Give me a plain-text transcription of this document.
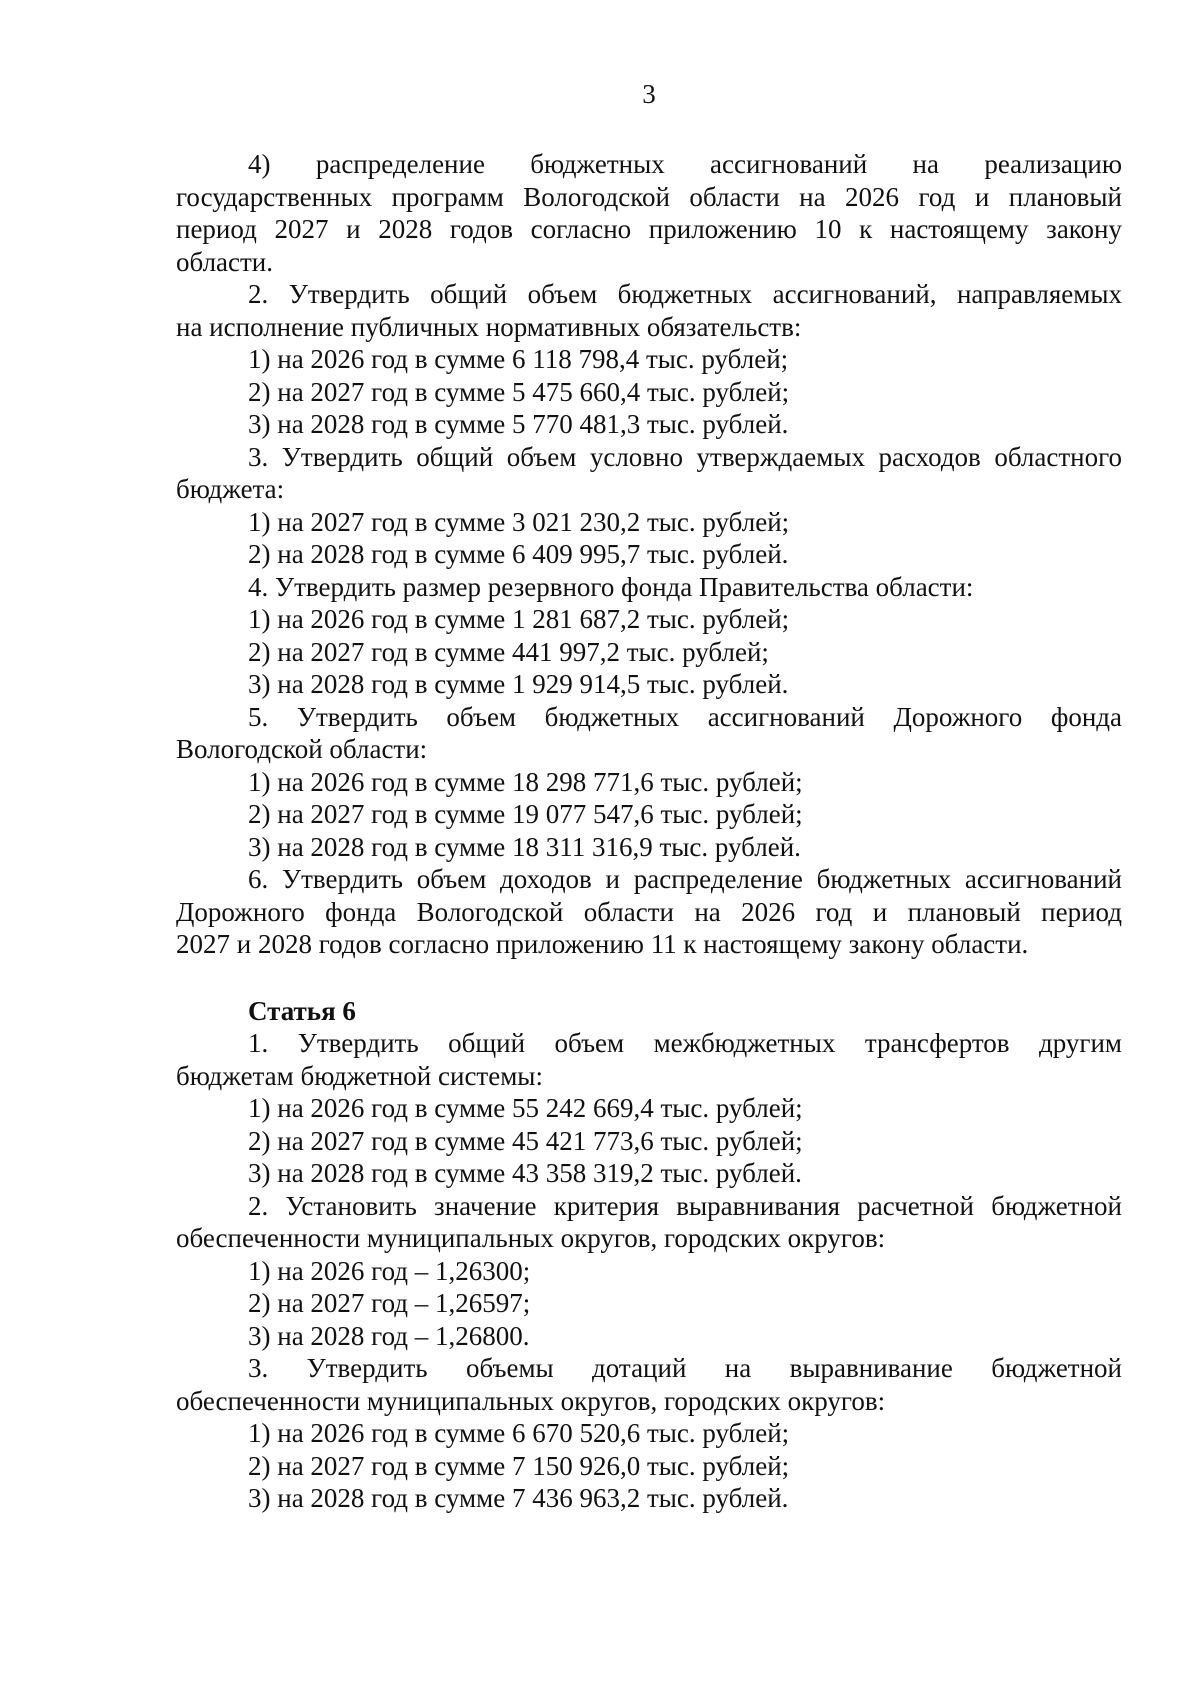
3
4) распределение бюджетных ассигнований на реализацию
государственных программ Вологодской области на 2026 год и плановый
период 2027 и 2028 годов согласно приложению 10 к настоящему закону
области.
2. Утвердить общий объем бюджетных ассигнований, направляемых
на исполнение публичных нормативных обязательств:
1) на 2026 год в сумме 6 118 798,4 тыс. рублей;
2) на 2027 год в сумме 5 475 660,4 тыс. рублей;
3) на 2028 год в сумме 5 770 481,3 тыс. рублей.
3. Утвердить общий объем условно утверждаемых расходов областного
бюджета:
1) на 2027 год в сумме 3 021 230,2 тыс. рублей;
2) на 2028 год в сумме 6 409 995,7 тыс. рублей.
4. Утвердить размер резервного фонда Правительства области:
1) на 2026 год в сумме 1 281 687,2 тыс. рублей;
2) на 2027 год в сумме 441 997,2 тыс. рублей;
3) на 2028 год в сумме 1 929 914,5 тыс. рублей.
5. Утвердить объем бюджетных ассигнований Дорожного фонда
Вологодской области:
1) на 2026 год в сумме 18 298 771,6 тыс. рублей;
2) на 2027 год в сумме 19 077 547,6 тыс. рублей;
3) на 2028 год в сумме 18 311 316,9 тыс. рублей.
6. Утвердить объем доходов и распределение бюджетных ассигнований
Дорожного фонда Вологодской области на 2026 год и плановый период
2027 и 2028 годов согласно приложению 11 к настоящему закону области.
Статья 6
1. Утвердить общий объем межбюджетных трансфертов другим
бюджетам бюджетной системы:
1) на 2026 год в сумме 55 242 669,4 тыс. рублей;
2) на 2027 год в сумме 45 421 773,6 тыс. рублей;
3) на 2028 год в сумме 43 358 319,2 тыс. рублей.
2. Установить значение критерия выравнивания расчетной бюджетной
обеспеченности муниципальных округов, городских округов:
1) на 2026 год – 1,26300;
2) на 2027 год – 1,26597;
3) на 2028 год – 1,26800.
3. Утвердить объемы дотаций на выравнивание бюджетной
обеспеченности муниципальных округов, городских округов:
1) на 2026 год в сумме 6 670 520,6 тыс. рублей;
2) на 2027 год в сумме 7 150 926,0 тыс. рублей;
3) на 2028 год в сумме 7 436 963,2 тыс. рублей.
